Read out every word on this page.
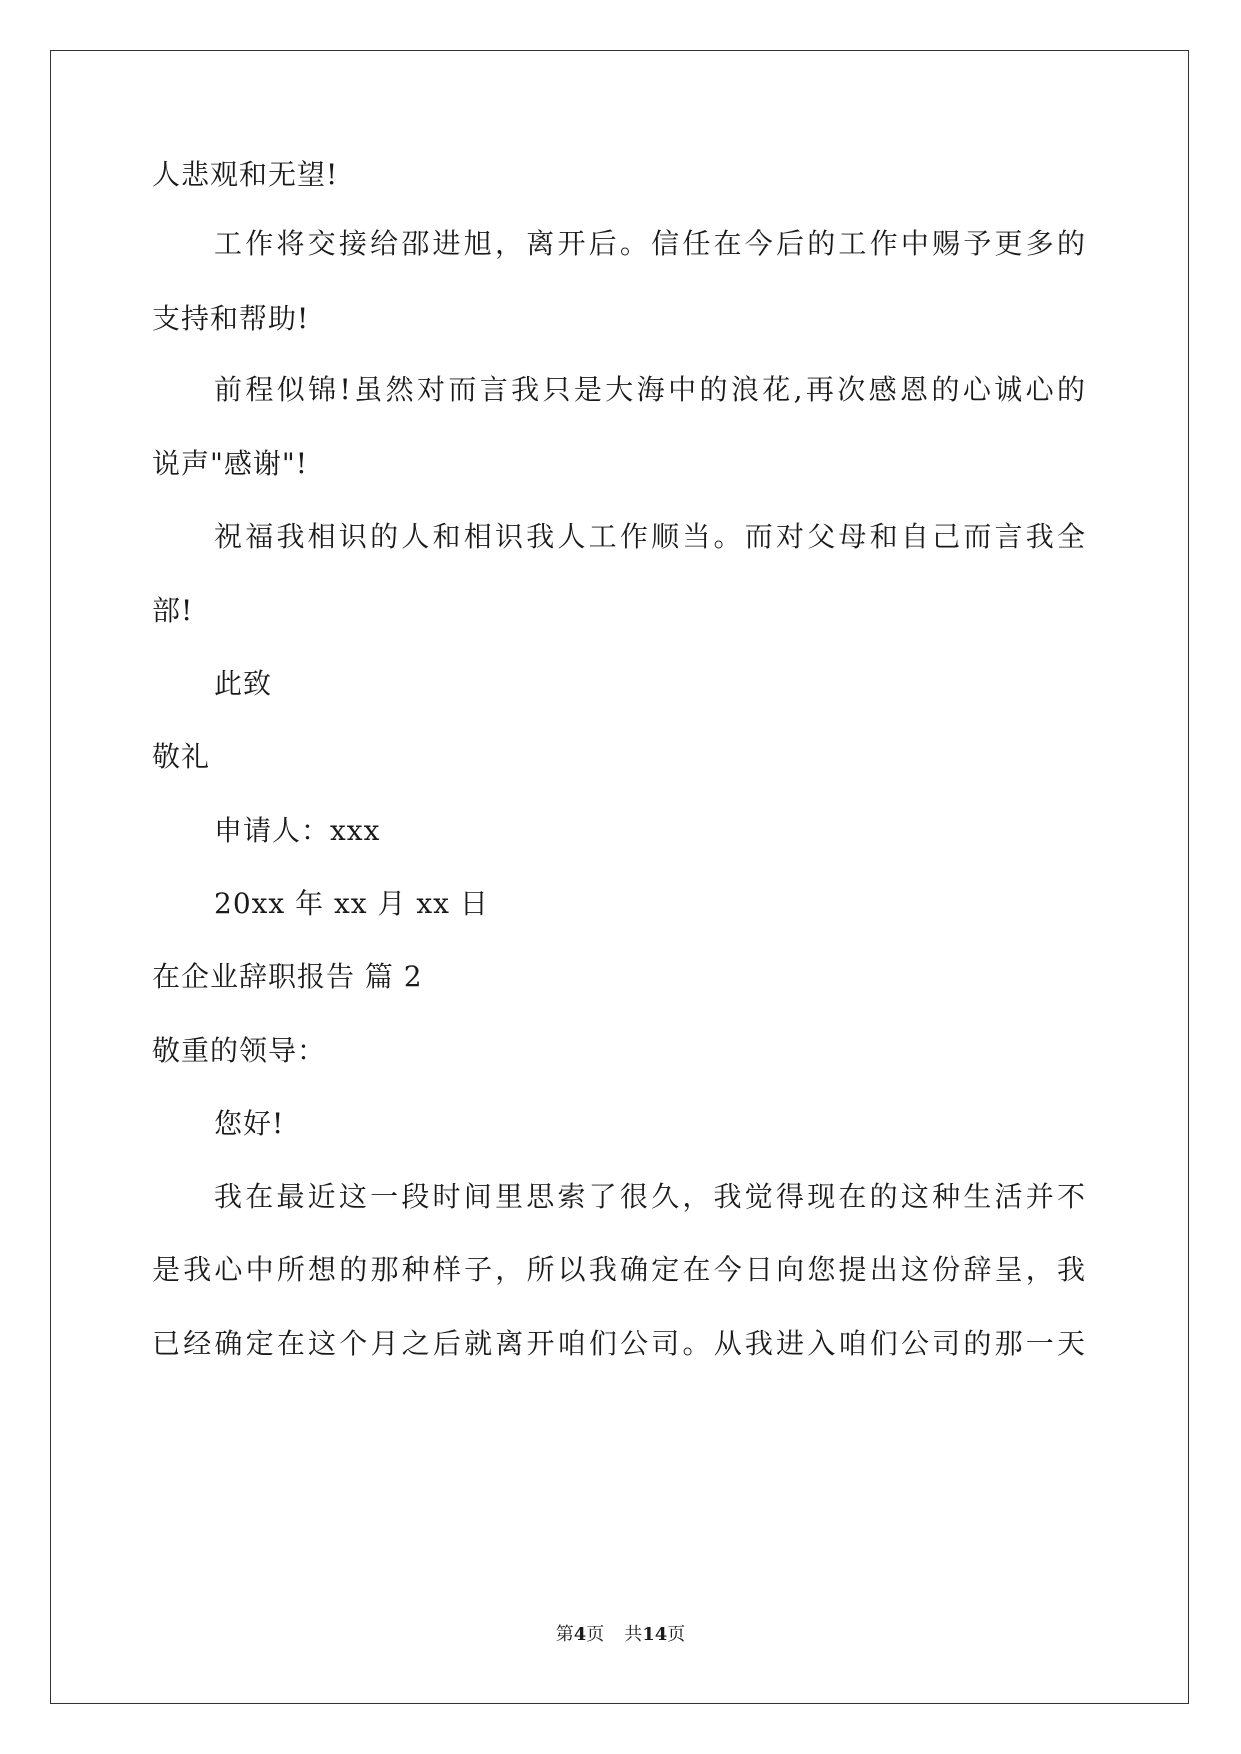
人悲观和无望!
工作将交接给邵进旭，离开后。信任在今后的工作中赐予更多的
支持和帮助!
前程似锦!虽然对而言我只是大海中的浪花,再次感恩的心诚心的
说声"感谢"!
祝福我相识的人和相识我人工作顺当。而对父母和自己而言我全
部!
此致
敬礼
申请人：xxx
20xx 年 xx 月 xx 日
在企业辞职报告 篇 2
敬重的领导：
您好!
我在最近这一段时间里思索了很久，我觉得现在的这种生活并不
是我心中所想的那种样子，所以我确定在今日向您提出这份辞呈，我
已经确定在这个月之后就离开咱们公司。从我进入咱们公司的那一天
第4页 共14页
